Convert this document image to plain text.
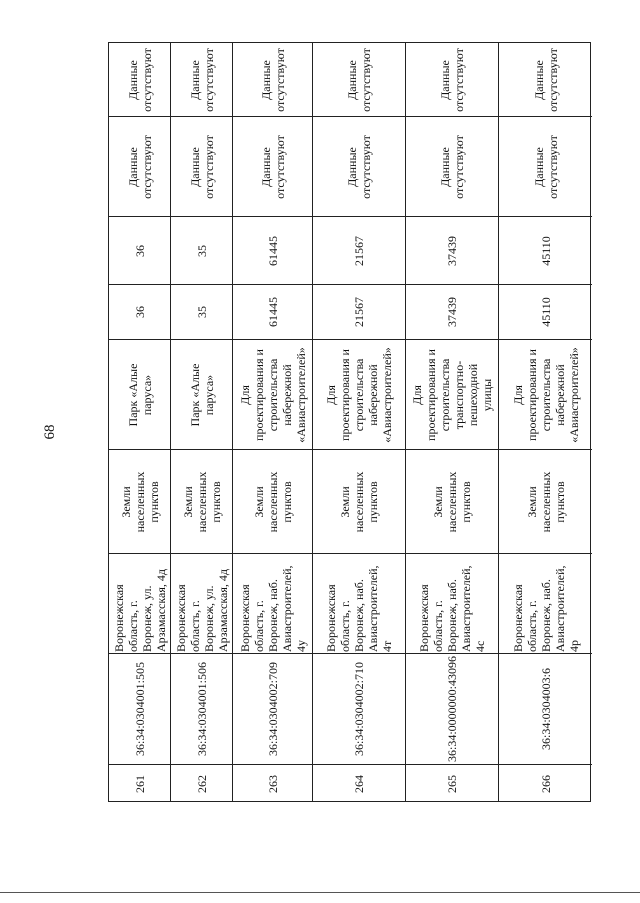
68
Данные
отсутствуют
Данные
отсутствуют
36
36
Парк «Алые
паруса»
Земли
населенных
пунктов
Воронежская
область, г.
Воронеж, ул.
Арзамасская, 4д
36:34:0304001:505
261
Данные
отсутствуют
Данные
отсутствуют
35
35
Парк «Алые
паруса»
Земли
населенных
пунктов
Воронежская
область, г.
Воронеж, ул.
Арзамасская, 4д
36:34:0304001:506
262
Данные
отсутствуют
Данные
отсутствуют
61445
61445
Для
проектирования и
строительства
набережной
«Авиастроителей»
Земли
населенных
пунктов
Воронежская
область, г.
Воронеж, наб.
Авиастроителей, 4у
36:34:0304002:709
263
Данные
отсутствуют
Данные
отсутствуют
21567
21567
Для
проектирования и
строительства
набережной
«Авиастроителей»
Земли
населенных
пунктов
Воронежская
область, г.
Воронеж, наб.
Авиастроителей, 4т
36:34:0304002:710
264
Данные
отсутствуют
Данные
отсутствуют
37439
37439
Для
проектирования и
строительства
транспортно-
пешеходной
улицы
Земли
населенных
пунктов
Воронежская
область, г.
Воронеж, наб.
Авиастроителей, 4с
36:34:0000000:43096
265
Данные
отсутствуют
Данные
отсутствуют
45110
45110
Для
проектирования и
строительства
набережной
«Авиастроителей»
Земли
населенных
пунктов
Воронежская
область, г.
Воронеж, наб.
Авиастроителей, 4р
36:34:0304003:6
266
